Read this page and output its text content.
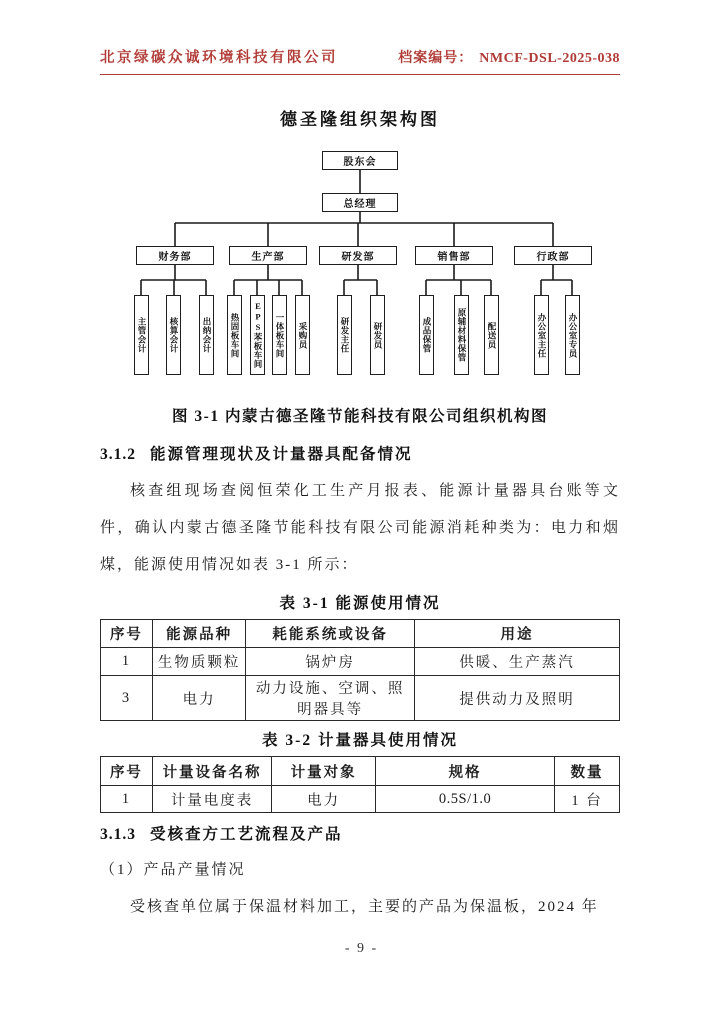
北京绿碳众诚环境科技有限公司	档案编号： NMCF-DSL-2025-038
德圣隆组织架构图
股东会
总经理
财务部	生产部	研发部	销售部	行政部
主管会计	核算会计	出纳会计	热固板车间	EPS苯板车间	一体板车间	采购员	研发主任	研发员	成品保管	原辅材料保管	配送员	办公室主任	办公室专员
图 3-1 内蒙古德圣隆节能科技有限公司组织机构图
3.1.2 能源管理现状及计量器具配备情况

核查组现场查阅恒荣化工生产月报表、能源计量器具台账等文件，确认内蒙古德圣隆节能科技有限公司能源消耗种类为：电力和烟煤，能源使用情况如表 3-1 所示：

表 3-1 能源使用情况
序号	能源品种	耗能系统或设备	用途
1	生物质颗粒	锅炉房	供暖、生产蒸汽
3	电力	动力设施、空调、照明器具等	提供动力及照明
表 3-2 计量器具使用情况
序号	计量设备名称	计量对象	规格	数量
1	计量电度表	电力	0.5S/1.0	1 台
3.1.3 受核查方工艺流程及产品
（1）产品产量情况

受核查单位属于保温材料加工，主要的产品为保温板，2024 年

- 9 -
